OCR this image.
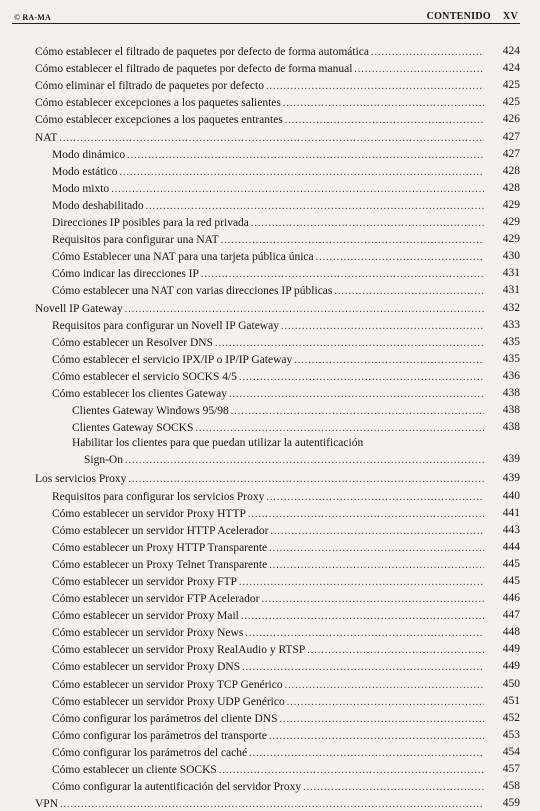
© RA-MA	CONTENIDO XV
Cómo establecer el filtrado de paquetes por defecto de forma automática .....	424
Cómo establecer el filtrado de paquetes por defecto de forma manual .....	424
Cómo eliminar el filtrado de paquetes por defecto .....	425
Cómo establecer excepciones a los paquetes salientes .....	425
Cómo establecer excepciones a los paquetes entrantes .....	426
NAT .....	427
Modo dinámico .....	427
Modo estático .....	428
Modo mixto .....	428
Modo deshabilitado .....	429
Direcciones IP posibles para la red privada .....	429
Requisitos para configurar una NAT .....	429
Cómo Establecer una NAT para una tarjeta pública única .....	430
Cómo indicar las direcciones IP .....	431
Cómo establecer una NAT con varias direcciones IP públicas .....	431
Novell IP Gateway .....	432
Requisitos para configurar un Novell IP Gateway .....	433
Cómo establecer un Resolver DNS .....	435
Cómo establecer el servicio IPX/IP o IP/IP Gateway .....	435
Cómo establecer el servicio SOCKS 4/5 .....	436
Cómo establecer los clientes Gateway .....	438
Clientes Gateway Windows 95/98 .....	438
Clientes Gateway SOCKS .....	438
Habilitar los clientes para que puedan utilizar la autentificación
Sign-On .....	439
Los servicios Proxy .....	439
Requisitos para configurar los servicios Proxy .....	440
Cómo establecer un servidor Proxy HTTP .....	441
Cómo establecer un servidor HTTP Acelerador .....	443
Cómo establecer un Proxy HTTP Transparente .....	444
Cómo establecer un Proxy Telnet Transparente .....	445
Cómo establecer un servidor Proxy FTP .....	445
Cómo establecer un servidor FTP Acelerador .....	446
Cómo establecer un servidor Proxy Mail .....	447
Cómo establecer un servidor Proxy News .....	448
Cómo establecer un servidor Proxy RealAudio y RTSP .....	449
Cómo establecer un servidor Proxy DNS .....	449
Cómo establecer un servidor Proxy TCP Genérico .....	450
Cómo establecer un servidor Proxy UDP Genérico .....	451
Cómo configurar los parámetros del cliente DNS .....	452
Cómo configurar los parámetros del transporte .....	453
Cómo configurar los parámetros del caché .....	454
Cómo establecer un cliente SOCKS .....	457
Cómo configurar la autentificación del servidor Proxy .....	458
VPN .....	459
